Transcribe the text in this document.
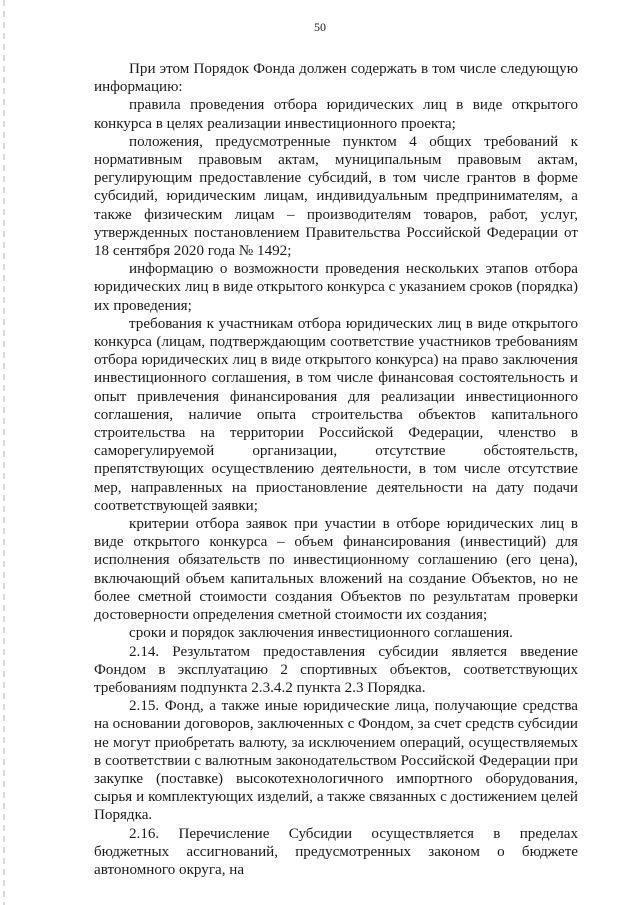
50

При этом Порядок Фонда должен содержать в том числе следующую информацию:

правила проведения отбора юридических лиц в виде открытого конкурса в целях реализации инвестиционного проекта;

положения, предусмотренные пунктом 4 общих требований к нормативным правовым актам, муниципальным правовым актам, регулирующим предоставление субсидий, в том числе грантов в форме субсидий, юридическим лицам, индивидуальным предпринимателям, а также физическим лицам – производителям товаров, работ, услуг, утвержденных постановлением Правительства Российской Федерации от 18 сентября 2020 года № 1492;

информацию о возможности проведения нескольких этапов отбора юридических лиц в виде открытого конкурса с указанием сроков (порядка) их проведения;

требования к участникам отбора юридических лиц в виде открытого конкурса (лицам, подтверждающим соответствие участников требованиям отбора юридических лиц в виде открытого конкурса) на право заключения инвестиционного соглашения, в том числе финансовая состоятельность и опыт привлечения финансирования для реализации инвестиционного соглашения, наличие опыта строительства объектов капитального строительства на территории Российской Федерации, членство в саморегулируемой организации, отсутствие обстоятельств, препятствующих осуществлению деятельности, в том числе отсутствие мер, направленных на приостановление деятельности на дату подачи соответствующей заявки;

критерии отбора заявок при участии в отборе юридических лиц в виде открытого конкурса – объем финансирования (инвестиций) для исполнения обязательств по инвестиционному соглашению (его цена), включающий объем капитальных вложений на создание Объектов, но не более сметной стоимости создания Объектов по результатам проверки достоверности определения сметной стоимости их создания;

сроки и порядок заключения инвестиционного соглашения.

2.14. Результатом предоставления субсидии является введение Фондом в эксплуатацию 2 спортивных объектов, соответствующих требованиям подпункта 2.3.4.2 пункта 2.3 Порядка.

2.15. Фонд, а также иные юридические лица, получающие средства на основании договоров, заключенных с Фондом, за счет средств субсидии не могут приобретать валюту, за исключением операций, осуществляемых в соответствии с валютным законодательством Российской Федерации при закупке (поставке) высокотехнологичного импортного оборудования, сырья и комплектующих изделий, а также связанных с достижением целей Порядка.

2.16. Перечисление Субсидии осуществляется в пределах бюджетных ассигнований, предусмотренных законом о бюджете автономного округа, на
